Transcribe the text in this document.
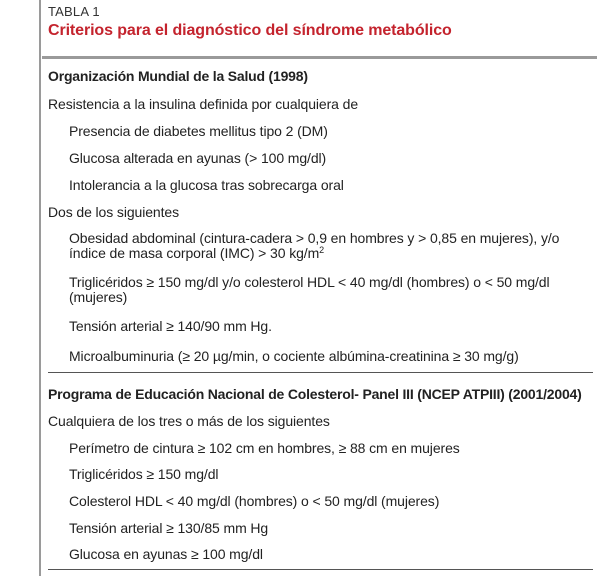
TABLA 1
Criterios para el diagnóstico del síndrome metabólico
Organización Mundial de la Salud (1998)
Resistencia a la insulina definida por cualquiera de
Presencia de diabetes mellitus tipo 2 (DM)
Glucosa alterada en ayunas (> 100 mg/dl)
Intolerancia a la glucosa tras sobrecarga oral
Dos de los siguientes
Obesidad abdominal (cintura-cadera > 0,9 en hombres y > 0,85 en mujeres), y/o índice de masa corporal (IMC) > 30 $kg/m^2$
Triglicéridos ≥ 150 mg/dl y/o colesterol HDL < 40 mg/dl (hombres) o < 50 mg/dl (mujeres)
Tensión arterial ≥ 140/90 mm Hg.
Microalbuminuria (≥ 20 µg/min, o cociente albúmina-creatinina ≥ 30 mg/g)
Programa de Educación Nacional de Colesterol- Panel III (NCEP ATPIII) (2001/2004)
Cualquiera de los tres o más de los siguientes
Perímetro de cintura ≥ 102 cm en hombres, ≥ 88 cm en mujeres
Triglicéridos ≥ 150 mg/dl
Colesterol HDL < 40 mg/dl (hombres) o < 50 mg/dl (mujeres)
Tensión arterial ≥ 130/85 mm Hg
Glucosa en ayunas ≥ 100 mg/dl
